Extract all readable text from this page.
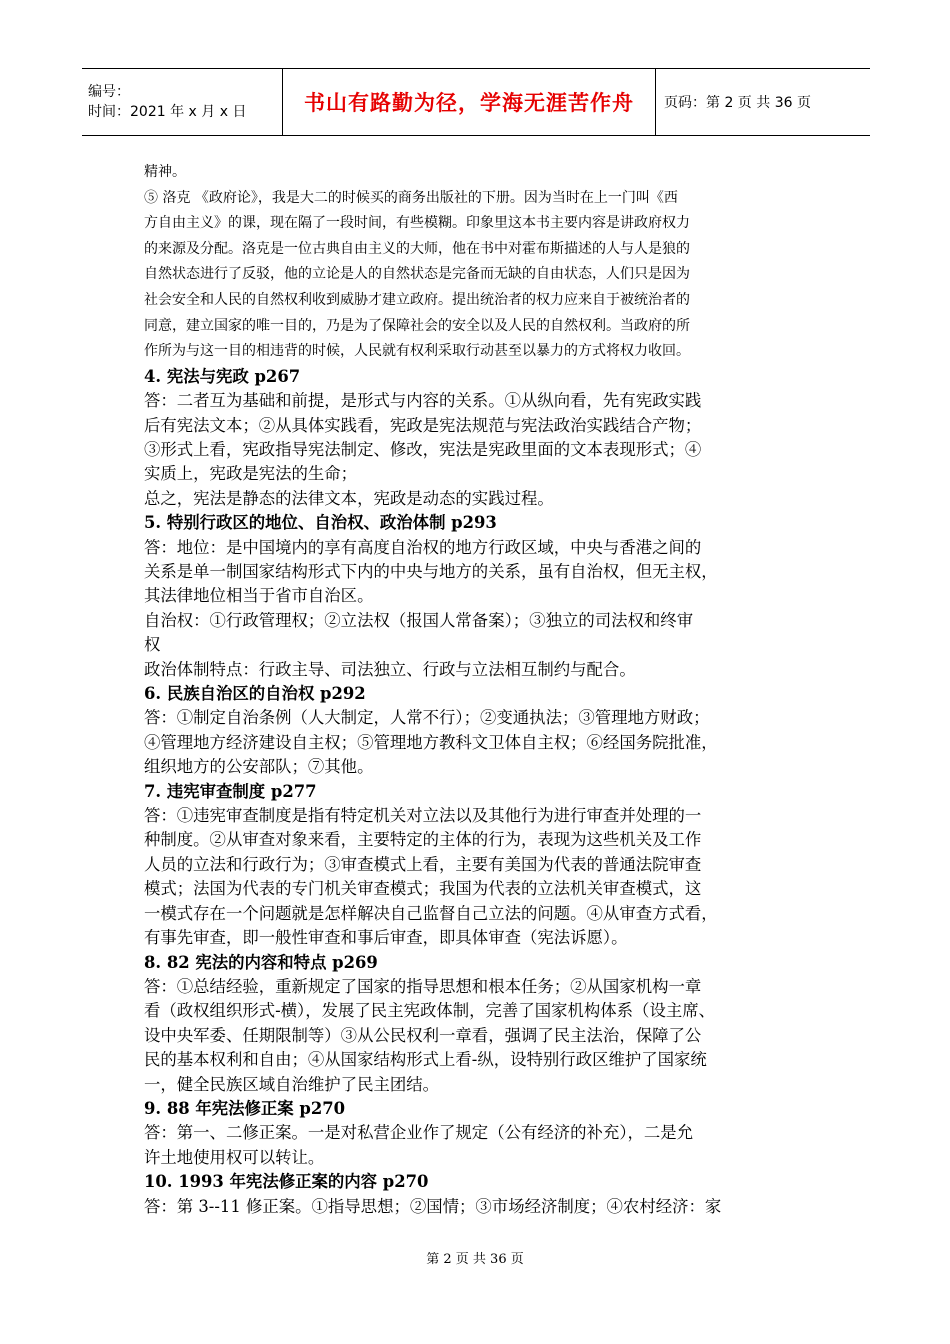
编号：
时间：2021 年 x 月 x 日	书山有路勤为径，学海无涯苦作舟 页码：第 2 页 共 36 页

精神。

⑤ 洛克 《政府论》，我是大二的时候买的商务出版社的下册。因为当时在上一门叫《西

方自由主义》的课，现在隔了一段时间，有些模糊。印象里这本书主要内容是讲政府权力

的来源及分配。洛克是一位古典自由主义的大师，他在书中对霍布斯描述的人与人是狼的

自然状态进行了反驳，他的立论是人的自然状态是完备而无缺的自由状态，人们只是因为

社会安全和人民的自然权利收到威胁才建立政府。提出统治者的权力应来自于被统治者的

同意，建立国家的唯一目的，乃是为了保障社会的安全以及人民的自然权利。当政府的所

作所为与这一目的相违背的时候，人民就有权利采取行动甚至以暴力的方式将权力收回。

4. 宪法与宪政 p267

答：二者互为基础和前提，是形式与内容的关系。①从纵向看，先有宪政实践

后有宪法文本；②从具体实践看，宪政是宪法规范与宪法政治实践结合产物；

③形式上看，宪政指导宪法制定、修改，宪法是宪政里面的文本表现形式；④

实质上，宪政是宪法的生命；

总之，宪法是静态的法律文本，宪政是动态的实践过程。

5. 特别行政区的地位、自治权、政治体制 p293

答：地位：是中国境内的享有高度自治权的地方行政区域，中央与香港之间的

关系是单一制国家结构形式下内的中央与地方的关系，虽有自治权，但无主权，

其法律地位相当于省市自治区。

自治权：①行政管理权；②立法权（报国人常备案）；③独立的司法权和终审

权

政治体制特点：行政主导、司法独立、行政与立法相互制约与配合。

6. 民族自治区的自治权 p292

答：①制定自治条例（人大制定，人常不行）；②变通执法；③管理地方财政；

④管理地方经济建设自主权；⑤管理地方教科文卫体自主权；⑥经国务院批准，

组织地方的公安部队；⑦其他。

7. 违宪审查制度 p277

答：①违宪审查制度是指有特定机关对立法以及其他行为进行审查并处理的一

种制度。②从审查对象来看，主要特定的主体的行为，表现为这些机关及工作

人员的立法和行政行为；③审查模式上看，主要有美国为代表的普通法院审查

模式；法国为代表的专门机关审查模式；我国为代表的立法机关审查模式，这

一模式存在一个问题就是怎样解决自己监督自己立法的问题。④从审查方式看，

有事先审查，即一般性审查和事后审查，即具体审查（宪法诉愿）。

8. 82 宪法的内容和特点 p269

答：①总结经验，重新规定了国家的指导思想和根本任务；②从国家机构一章

看（政权组织形式-横），发展了民主宪政体制，完善了国家机构体系（设主席、

设中央军委、任期限制等）③从公民权利一章看，强调了民主法治，保障了公

民的基本权利和自由；④从国家结构形式上看-纵，设特别行政区维护了国家统

一，健全民族区域自治维护了民主团结。

9. 88 年宪法修正案 p270

答：第一、二修正案。一是对私营企业作了规定（公有经济的补充），二是允

许土地使用权可以转让。

10. 1993 年宪法修正案的内容 p270

答：第 3--11 修正案。①指导思想；②国情；③市场经济制度；④农村经济：家

第 2 页 共 36 页
